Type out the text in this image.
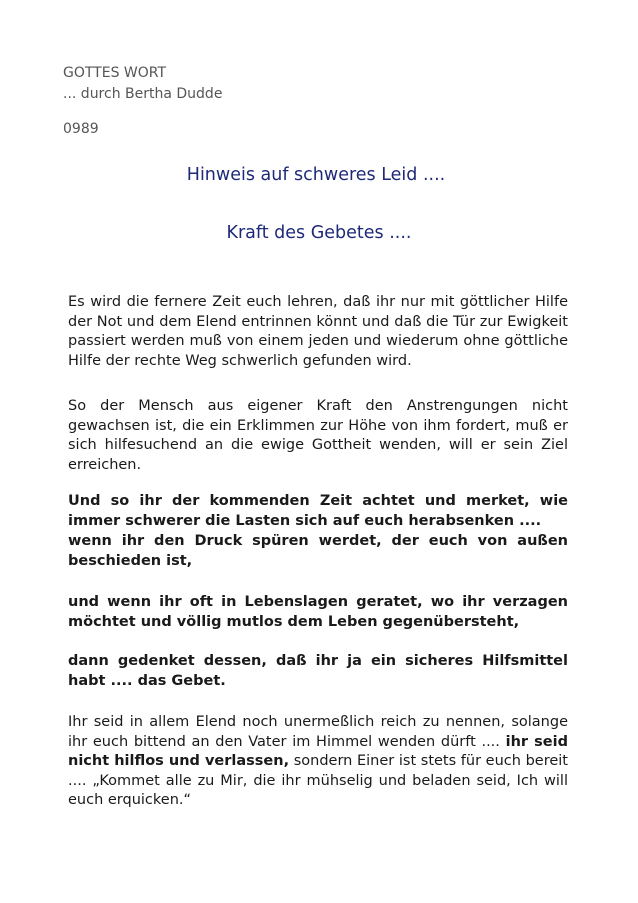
GOTTES WORT
... durch Bertha Dudde
0989
Hinweis auf schweres Leid ....
Kraft des Gebetes ....
Es wird die fernere Zeit euch lehren, daß ihr nur mit göttlicher Hilfe der Not und dem Elend entrinnen könnt und daß die Tür zur Ewigkeit passiert werden muß von einem jeden und wiederum ohne göttliche Hilfe der rechte Weg schwerlich gefunden wird.
So der Mensch aus eigener Kraft den Anstrengungen nicht gewachsen ist, die ein Erklimmen zur Höhe von ihm fordert, muß er sich hilfesuchend an die ewige Gottheit wenden, will er sein Ziel erreichen.
Und so ihr der kommenden Zeit achtet und merket, wie immer schwerer die Lasten sich auf euch herabsenken ....
wenn ihr den Druck spüren werdet, der euch von außen beschieden ist,
und wenn ihr oft in Lebenslagen geratet, wo ihr verzagen möchtet und völlig mutlos dem Leben gegenübersteht,
dann gedenket dessen, daß ihr ja ein sicheres Hilfsmittel habt .... das Gebet.
Ihr seid in allem Elend noch unermeßlich reich zu nennen, solange ihr euch bittend an den Vater im Himmel wenden dürft .... ihr seid nicht hilflos und verlassen, sondern Einer ist stets für euch bereit .... „Kommet alle zu Mir, die ihr mühselig und beladen seid, Ich will euch erquicken.“
